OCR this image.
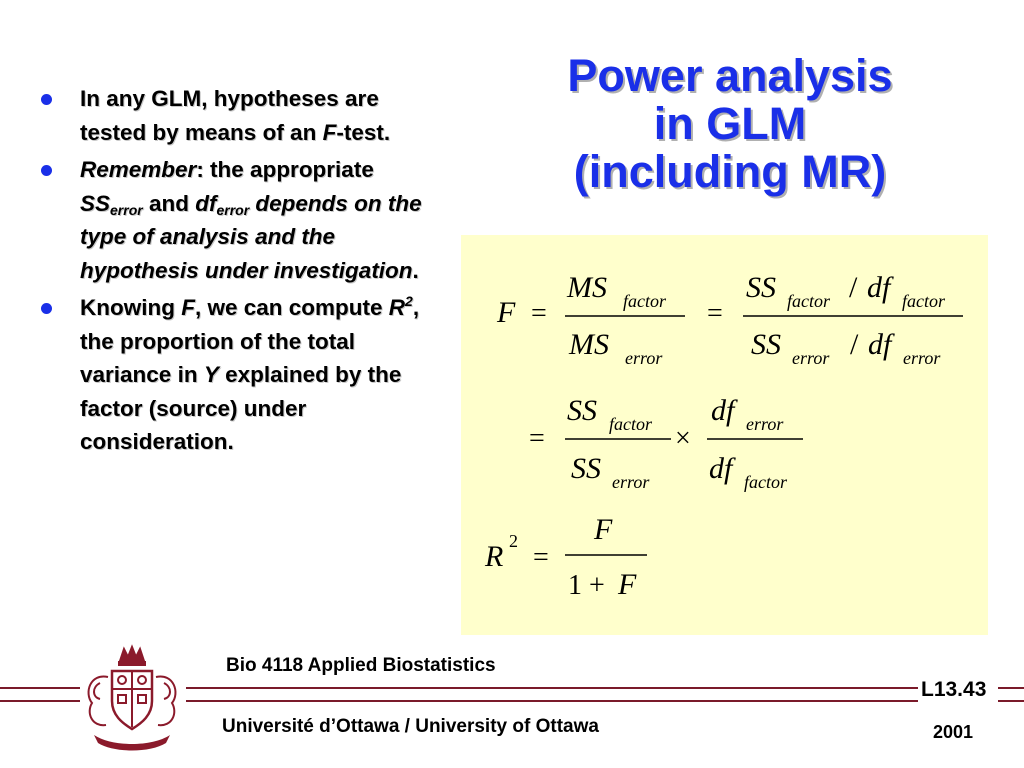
Power analysis
in GLM
(including MR)
In any GLM, hypotheses are tested by means of an F-test.
Remember: the appropriate $SS_{error}$ and $df_{error}$ depends on the type of analysis and the hypothesis under investigation.
Knowing F, we can compute $R^2$, the proportion of the total variance in Y explained by the factor (source) under consideration.
F =
MS factor
MS error
=
SS factor / df factor
SS error / df error
=
SS factor
SS error
×
df error
df factor
R 2
=
F
1 + F
Bio 4118 Applied Biostatistics
Université d’Ottawa / University of Ottawa
L13.43
2001
